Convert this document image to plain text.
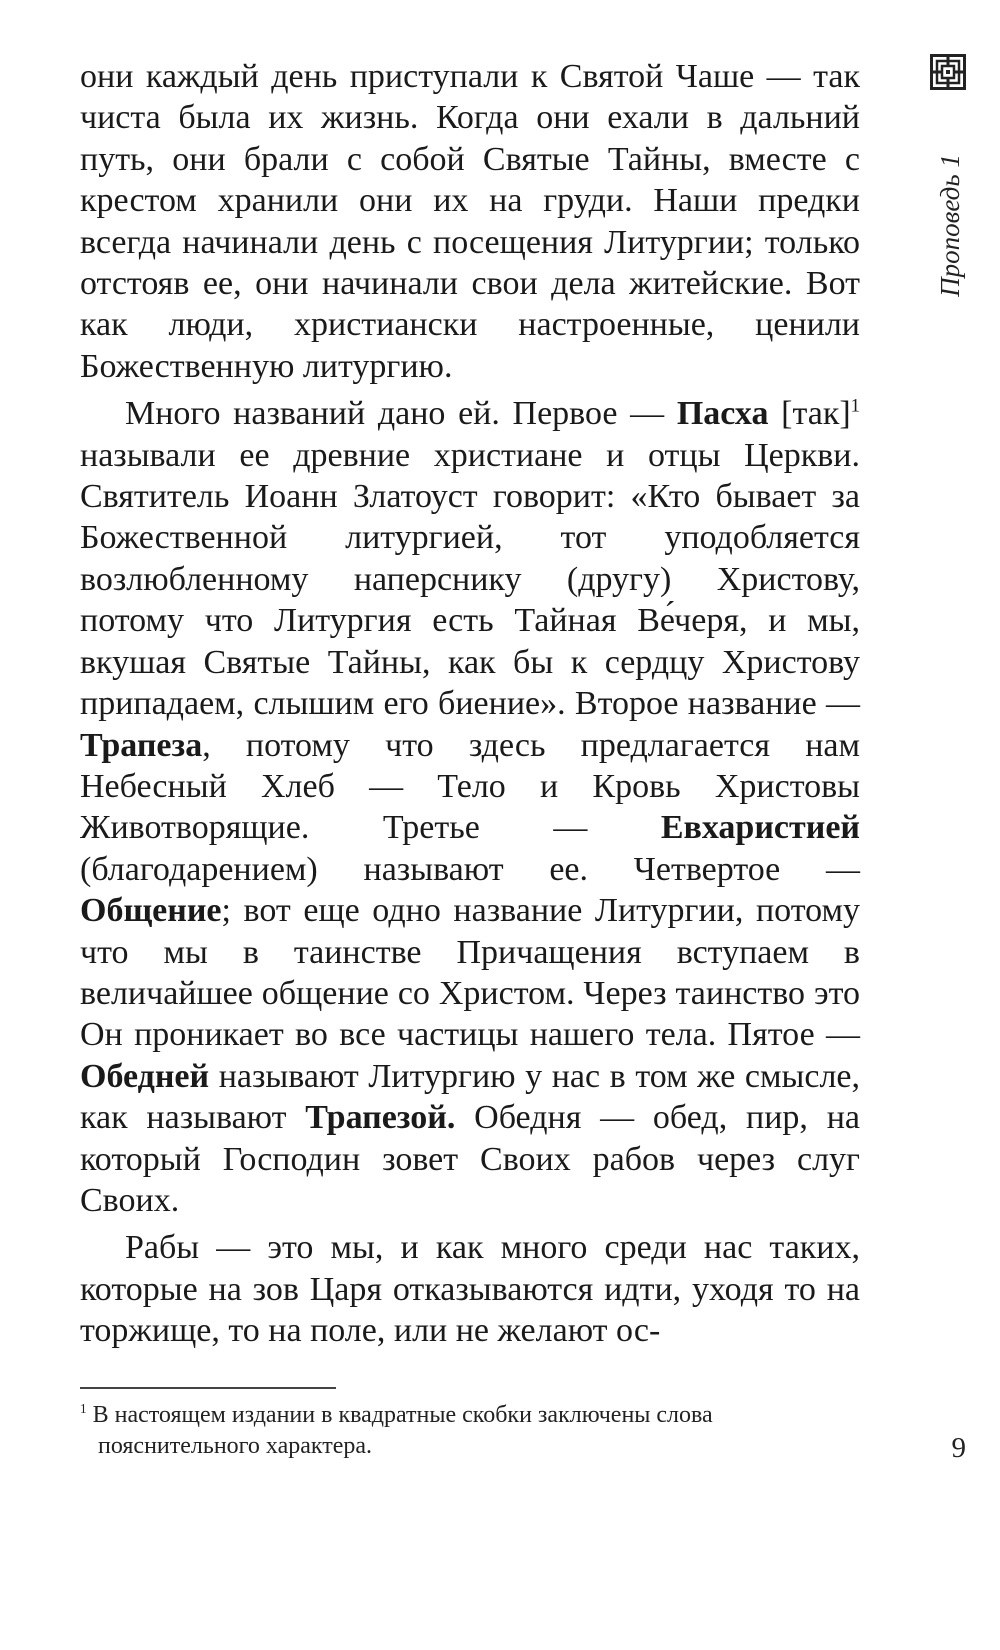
Проповедь 1

они каждый день приступали к Святой Чаше — так чиста была их жизнь. Когда они ехали в дальний путь, они брали с собой Святые Тайны, вместе с крестом хранили они их на груди. Наши предки всегда начинали день с посещения Литургии; только отстояв ее, они начинали свои дела житейские. Вот как люди, христиански настроенные, ценили Божественную литургию.

Много названий дано ей. Первое — Пасха [так]$^1$ называли ее древние христиане и отцы Церкви. Святитель Иоанн Златоуст говорит: «Кто бывает за Божественной литургией, тот уподобляется возлюбленному наперснику (другу) Христову, потому что Литургия есть Тайная Ве́черя, и мы, вкушая Святые Тайны, как бы к сердцу Христову припадаем, слышим его биение». Второе название — Трапеза, потому что здесь предлагается нам Небесный Хлеб — Тело и Кровь Христовы Животворящие. Третье — Евхаристией (благодарением) называют ее. Четвертое — Общение; вот еще одно название Литургии, потому что мы в таинстве Причащения вступаем в величайшее общение со Христом. Через таинство это Он проникает во все частицы нашего тела. Пятое — Обедней называют Литургию у нас в том же смысле, как называют Трапезой. Обедня — обед, пир, на который Господин зовет Своих рабов через слуг Своих.

Рабы — это мы, и как много среди нас таких, которые на зов Царя отказываются идти, уходя то на торжище, то на поле, или не желают ос-

$^1$ В настоящем издании в квадратные скобки заключены слова
пояснительного характера.	9
